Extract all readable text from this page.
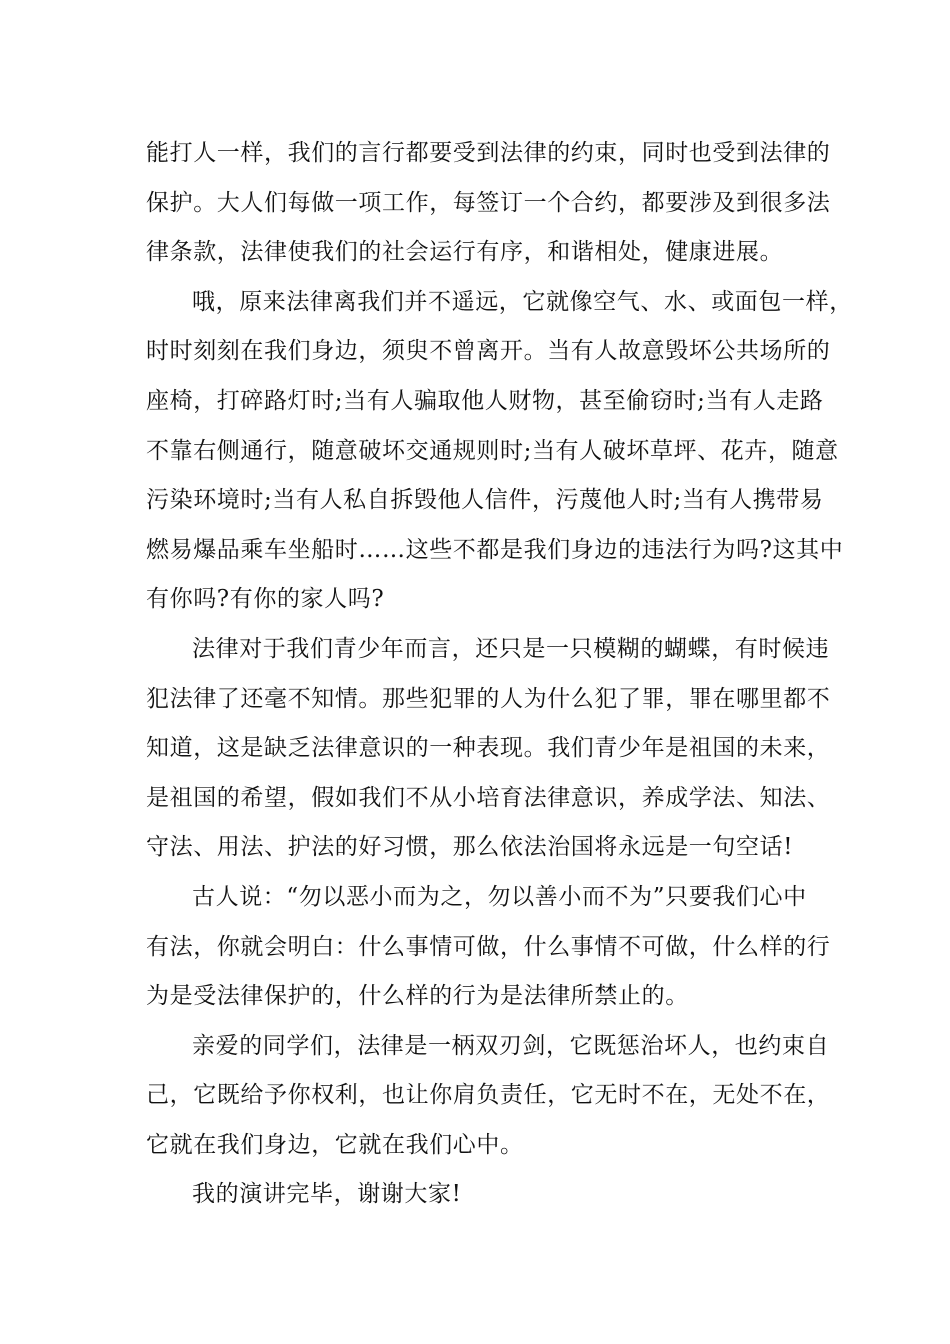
能打人一样，我们的言行都要受到法律的约束，同时也受到法律的
保护。大人们每做一项工作，每签订一个合约，都要涉及到很多法
律条款，法律使我们的社会运行有序，和谐相处，健康进展。
哦，原来法律离我们并不遥远，它就像空气、水、或面包一样，
时时刻刻在我们身边，须臾不曾离开。当有人故意毁坏公共场所的
座椅，打碎路灯时;当有人骗取他人财物，甚至偷窃时;当有人走路
不靠右侧通行，随意破坏交通规则时;当有人破坏草坪、花卉，随意
污染环境时;当有人私自拆毁他人信件，污蔑他人时;当有人携带易
燃易爆品乘车坐船时……这些不都是我们身边的违法行为吗?这其中
有你吗?有你的家人吗?
法律对于我们青少年而言，还只是一只模糊的蝴蝶，有时候违
犯法律了还毫不知情。那些犯罪的人为什么犯了罪，罪在哪里都不
知道，这是缺乏法律意识的一种表现。我们青少年是祖国的未来，
是祖国的希望，假如我们不从小培育法律意识，养成学法、知法、
守法、用法、护法的好习惯，那么依法治国将永远是一句空话!
古人说：“勿以恶小而为之，勿以善小而不为”只要我们心中
有法，你就会明白：什么事情可做，什么事情不可做，什么样的行
为是受法律保护的，什么样的行为是法律所禁止的。
亲爱的同学们，法律是一柄双刃剑，它既惩治坏人，也约束自
己，它既给予你权利，也让你肩负责任，它无时不在，无处不在，
它就在我们身边，它就在我们心中。
我的演讲完毕，谢谢大家!
